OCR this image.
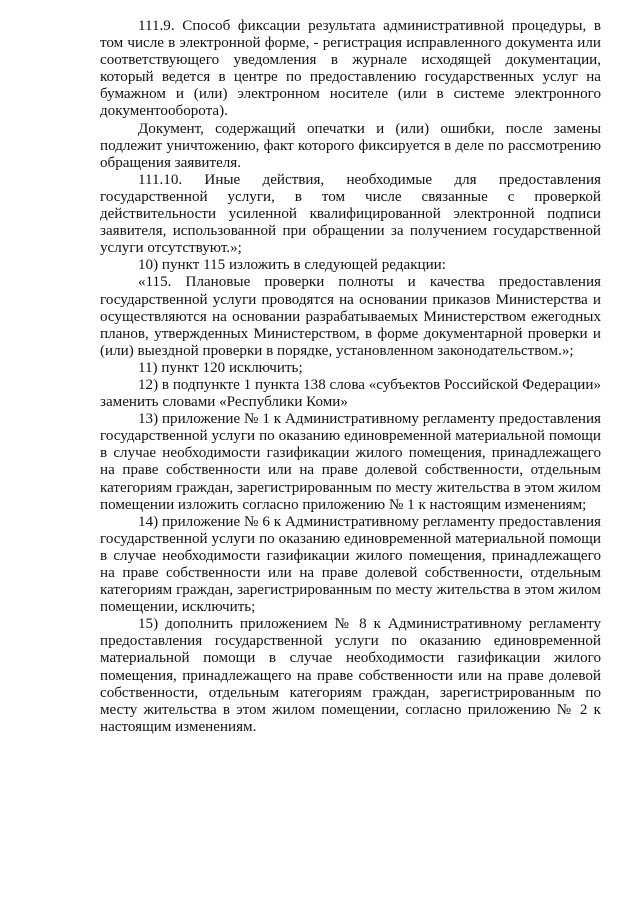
111.9. Способ фиксации результата административной процедуры, в том числе в электронной форме, - регистрация исправленного документа или соответствующего уведомления в журнале исходящей документации, который ведется в центре по предоставлению государственных услуг на бумажном и (или) электронном носителе (или в системе электронного документооборота).

Документ, содержащий опечатки и (или) ошибки, после замены подлежит уничтожению, факт которого фиксируется в деле по рассмотрению обращения заявителя.

111.10. Иные действия, необходимые для предоставления государственной услуги, в том числе связанные с проверкой действительности усиленной квалифицированной электронной подписи заявителя, использованной при обращении за получением государственной услуги отсутствуют.»;

10) пункт 115 изложить в следующей редакции:

«115. Плановые проверки полноты и качества предоставления государственной услуги проводятся на основании приказов Министерства и осуществляются на основании разрабатываемых Министерством ежегодных планов, утвержденных Министерством, в форме документарной проверки и (или) выездной проверки в порядке, установленном законодательством.»;

11) пункт 120 исключить;

12) в подпункте 1 пункта 138 слова «субъектов Российской Федерации» заменить словами «Республики Коми»

13) приложение № 1 к Административному регламенту предоставления государственной услуги по оказанию единовременной материальной помощи в случае необходимости газификации жилого помещения, принадлежащего на праве собственности или на праве долевой собственности, отдельным категориям граждан, зарегистрированным по месту жительства в этом жилом помещении изложить согласно приложению № 1 к настоящим изменениям;

14) приложение № 6 к Административному регламенту предоставления государственной услуги по оказанию единовременной материальной помощи в случае необходимости газификации жилого помещения, принадлежащего на праве собственности или на праве долевой собственности, отдельным категориям граждан, зарегистрированным по месту жительства в этом жилом помещении, исключить;

15) дополнить приложением № 8 к Административному регламенту предоставления государственной услуги по оказанию единовременной материальной помощи в случае необходимости газификации жилого помещения, принадлежащего на праве собственности или на праве долевой собственности, отдельным категориям граждан, зарегистрированным по месту жительства в этом жилом помещении, согласно приложению № 2 к настоящим изменениям.
